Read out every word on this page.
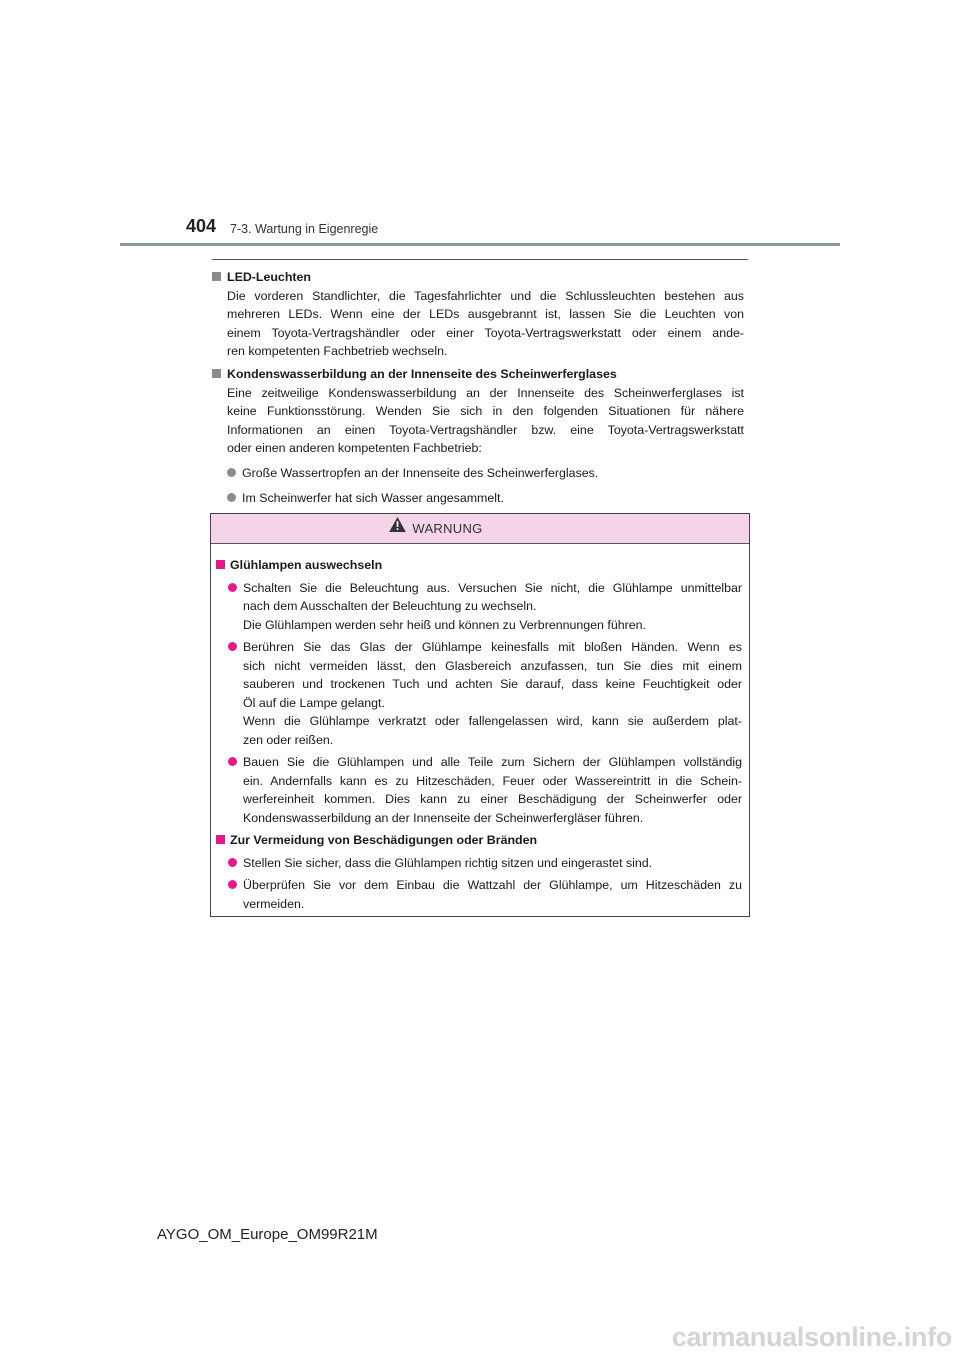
404 7-3. Wartung in Eigenregie
LED-Leuchten
Die vorderen Standlichter, die Tagesfahrlichter und die Schlussleuchten bestehen aus
mehreren LEDs. Wenn eine der LEDs ausgebrannt ist, lassen Sie die Leuchten von
einem Toyota-Vertragshändler oder einer Toyota-Vertragswerkstatt oder einem ande-
ren kompetenten Fachbetrieb wechseln.
Kondenswasserbildung an der Innenseite des Scheinwerferglases
Eine zeitweilige Kondenswasserbildung an der Innenseite des Scheinwerferglases ist
keine Funktionsstörung. Wenden Sie sich in den folgenden Situationen für nähere
Informationen an einen Toyota-Vertragshändler bzw. eine Toyota-Vertragswerkstatt
oder einen anderen kompetenten Fachbetrieb:
Große Wassertropfen an der Innenseite des Scheinwerferglases.
Im Scheinwerfer hat sich Wasser angesammelt.
WARNUNG
Glühlampen auswechseln
Schalten Sie die Beleuchtung aus. Versuchen Sie nicht, die Glühlampe unmittelbar
nach dem Ausschalten der Beleuchtung zu wechseln.
Die Glühlampen werden sehr heiß und können zu Verbrennungen führen.
Berühren Sie das Glas der Glühlampe keinesfalls mit bloßen Händen. Wenn es
sich nicht vermeiden lässt, den Glasbereich anzufassen, tun Sie dies mit einem
sauberen und trockenen Tuch und achten Sie darauf, dass keine Feuchtigkeit oder
Öl auf die Lampe gelangt.
Wenn die Glühlampe verkratzt oder fallengelassen wird, kann sie außerdem plat-
zen oder reißen.
Bauen Sie die Glühlampen und alle Teile zum Sichern der Glühlampen vollständig
ein. Andernfalls kann es zu Hitzeschäden, Feuer oder Wassereintritt in die Schein-
werfereinheit kommen. Dies kann zu einer Beschädigung der Scheinwerfer oder
Kondenswasserbildung an der Innenseite der Scheinwerfergläser führen.
Zur Vermeidung von Beschädigungen oder Bränden
Stellen Sie sicher, dass die Glühlampen richtig sitzen und eingerastet sind.
Überprüfen Sie vor dem Einbau die Wattzahl der Glühlampe, um Hitzeschäden zu
vermeiden.
AYGO_OM_Europe_OM99R21M
carmanualsonline.info
